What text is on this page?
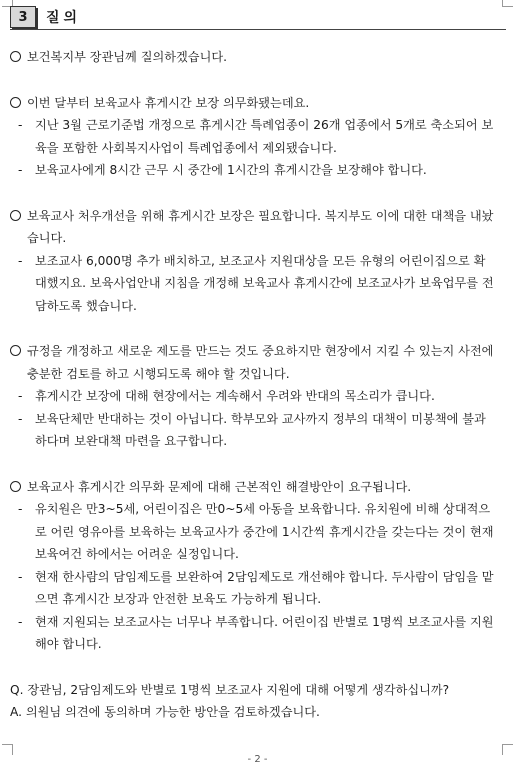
3	질의
보건복지부 장관님께 질의하겠습니다.
이번 달부터 보육교사 휴게시간 보장 의무화됐는데요.
- 지난 3월 근로기준법 개정으로 휴게시간 특례업종이 26개 업종에서 5개로 축소되어 보육을 포함한 사회복지사업이 특례업종에서 제외됐습니다.
- 보육교사에게 8시간 근무 시 중간에 1시간의 휴게시간을 보장해야 합니다.
보육교사 처우개선을 위해 휴게시간 보장은 필요합니다. 복지부도 이에 대한 대책을 내놨습니다.
- 보조교사 6,000명 추가 배치하고, 보조교사 지원대상을 모든 유형의 어린이집으로 확대했지요. 보육사업안내 지침을 개정해 보육교사 휴게시간에 보조교사가 보육업무를 전담하도록 했습니다.
규정을 개정하고 새로운 제도를 만드는 것도 중요하지만 현장에서 지킬 수 있는지 사전에 충분한 검토를 하고 시행되도록 해야 할 것입니다.
- 휴게시간 보장에 대해 현장에서는 계속해서 우려와 반대의 목소리가 큽니다.
- 보육단체만 반대하는 것이 아닙니다. 학부모와 교사까지 정부의 대책이 미봉책에 불과하다며 보완대책 마련을 요구합니다.
보육교사 휴게시간 의무화 문제에 대해 근본적인 해결방안이 요구됩니다.
- 유치원은 만3~5세, 어린이집은 만0~5세 아동을 보육합니다. 유치원에 비해 상대적으로 어린 영유아를 보육하는 보육교사가 중간에 1시간씩 휴게시간을 갖는다는 것이 현재 보육여건 하에서는 어려운 실정입니다.
- 현재 한사람의 담임제도를 보완하여 2담임제도로 개선해야 합니다. 두사람이 담임을 맡으면 휴게시간 보장과 안전한 보육도 가능하게 됩니다.
- 현재 지원되는 보조교사는 너무나 부족합니다. 어린이집 반별로 1명씩 보조교사를 지원해야 합니다.
Q. 장관님, 2담임제도와 반별로 1명씩 보조교사 지원에 대해 어떻게 생각하십니까?
A. 의원님 의견에 동의하며 가능한 방안을 검토하겠습니다.
- 2 -
